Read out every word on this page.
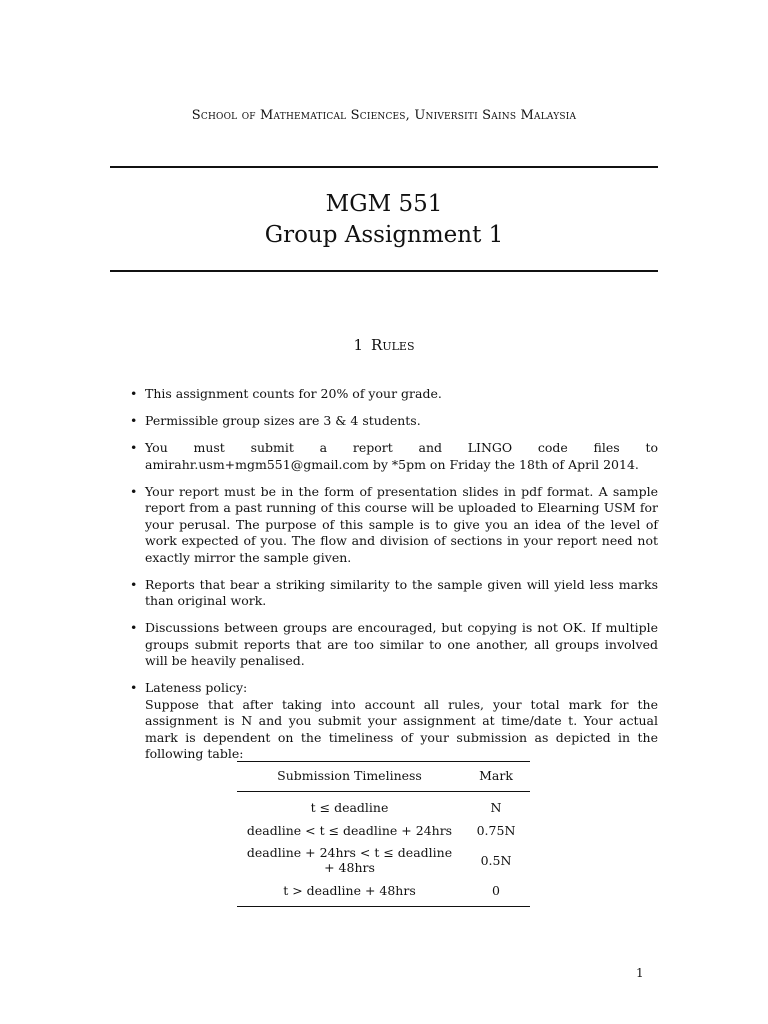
School of Mathematical Sciences, Universiti Sains Malaysia
MGM 551
Group Assignment 1
1 Rules
• This assignment counts for 20% of your grade.
• Permissible group sizes are 3 & 4 students.
• You must submit a report and LINGO code files to amirahr.usm+mgm551@gmail.com by *5pm on Friday the 18th of April 2014.
• Your report must be in the form of presentation slides in pdf format. A sample report from a past running of this course will be uploaded to Elearning USM for your perusal. The purpose of this sample is to give you an idea of the level of work expected of you. The flow and division of sections in your report need not exactly mirror the sample given.
• Reports that bear a striking similarity to the sample given will yield less marks than original work.
• Discussions between groups are encouraged, but copying is not OK. If multiple groups submit reports that are too similar to one another, all groups involved will be heavily penalised.
• Lateness policy:
Suppose that after taking into account all rules, your total mark for the assignment is N and you submit your assignment at time/date t. Your actual mark is dependent on the timeliness of your submission as depicted in the following table:
Submission Timeliness	Mark
t ≤ deadline	N
deadline < t ≤ deadline + 24hrs	0.75N
deadline + 24hrs < t ≤ deadline + 48hrs	0.5N
t > deadline + 48hrs	0
1
